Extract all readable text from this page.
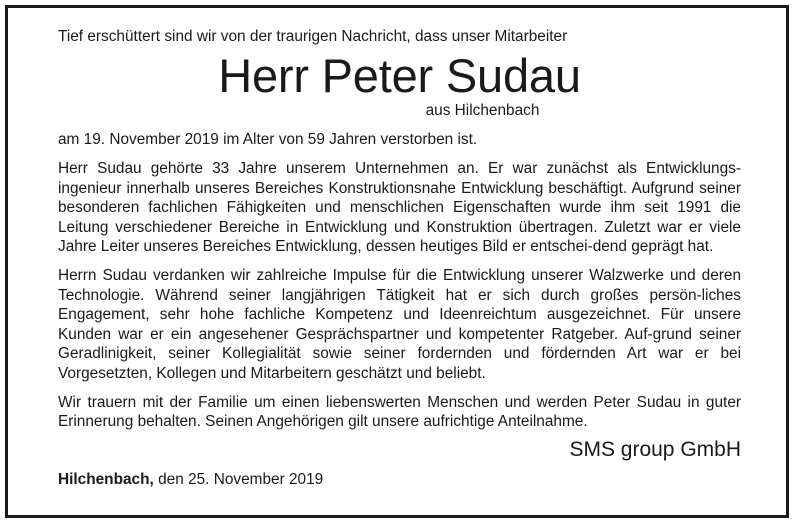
Tief erschüttert sind wir von der traurigen Nachricht, dass unser Mitarbeiter

Herr Peter Sudau

aus Hilchenbach

am 19. November 2019 im Alter von 59 Jahren verstorben ist.

Herr Sudau gehörte 33 Jahre unserem Unternehmen an. Er war zunächst als Entwicklungs-ingenieur innerhalb unseres Bereiches Konstruktionsnahe Entwicklung beschäftigt. Aufgrund seiner besonderen fachlichen Fähigkeiten und menschlichen Eigenschaften wurde ihm seit 1991 die Leitung verschiedener Bereiche in Entwicklung und Konstruktion übertragen. Zuletzt war er viele Jahre Leiter unseres Bereiches Entwicklung, dessen heutiges Bild er entschei-dend geprägt hat.

Herrn Sudau verdanken wir zahlreiche Impulse für die Entwicklung unserer Walzwerke und deren Technologie. Während seiner langjährigen Tätigkeit hat er sich durch großes persön-liches Engagement, sehr hohe fachliche Kompetenz und Ideenreichtum ausgezeichnet. Für unsere Kunden war er ein angesehener Gesprächspartner und kompetenter Ratgeber. Auf-grund seiner Geradlinigkeit, seiner Kollegialität sowie seiner fordernden und fördernden Art war er bei Vorgesetzten, Kollegen und Mitarbeitern geschätzt und beliebt.

Wir trauern mit der Familie um einen liebenswerten Menschen und werden Peter Sudau in guter Erinnerung behalten. Seinen Angehörigen gilt unsere aufrichtige Anteilnahme.

SMS group GmbH

Hilchenbach, den 25. November 2019
